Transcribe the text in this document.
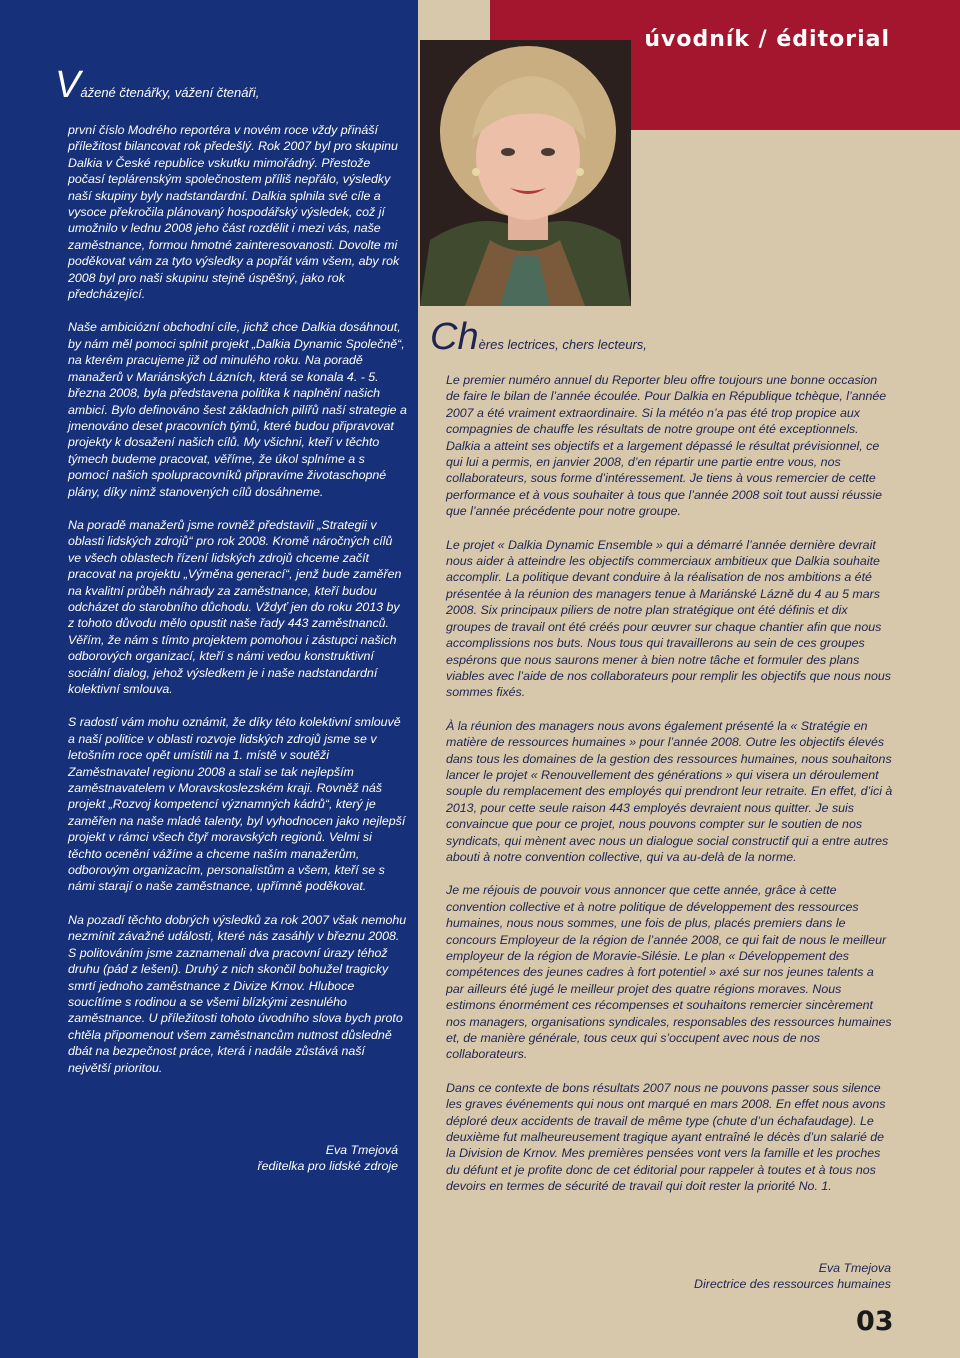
úvodník / éditorial
Vážené čtenářky, vážení čtenáři,

první číslo Modrého reportéra v novém roce vždy přináší příležitost bilancovat rok předešlý. Rok 2007 byl pro skupinu Dalkia v České republice vskutku mimořádný. Přestože počasí teplárenským společnostem příliš nepřálo, výsledky naší skupiny byly nadstandardní. Dalkia splnila své cíle a vysoce překročila plánovaný hospodářský výsledek, což jí umožnilo v lednu 2008 jeho část rozdělit i mezi vás, naše zaměstnance, formou hmotné zainteresovanosti. Dovolte mi poděkovat vám za tyto výsledky a popřát vám všem, aby rok 2008 byl pro naši skupinu stejně úspěšný, jako rok předcházející.

Naše ambiciózní obchodní cíle, jichž chce Dalkia dosáhnout, by nám měl pomoci splnit projekt „Dalkia Dynamic Společně“, na kterém pracujeme již od minulého roku. Na poradě manažerů v Mariánských Lázních, která se konala 4. - 5. března 2008, byla představena politika k naplnění našich ambicí. Bylo definováno šest základních pilířů naší strategie a jmenováno deset pracovních týmů, které budou připravovat projekty k dosažení našich cílů. My všichni, kteří v těchto týmech budeme pracovat, věříme, že úkol splníme a s pomocí našich spolupracovníků připravíme životaschopné plány, díky nimž stanovených cílů dosáhneme.

Na poradě manažerů jsme rovněž představili „Strategii v oblasti lidských zdrojů“ pro rok 2008. Kromě náročných cílů ve všech oblastech řízení lidských zdrojů chceme začít pracovat na projektu „Výměna generací“, jenž bude zaměřen na kvalitní průběh náhrady za zaměstnance, kteří budou odcházet do starobního důchodu. Vždyť jen do roku 2013 by z tohoto důvodu mělo opustit naše řady 443 zaměstnanců. Věřím, že nám s tímto projektem pomohou i zástupci našich odborových organizací, kteří s námi vedou konstruktivní sociální dialog, jehož výsledkem je i naše nadstandardní kolektivní smlouva.

S radostí vám mohu oznámit, že díky této kolektivní smlouvě a naší politice v oblasti rozvoje lidských zdrojů jsme se v letošním roce opět umístili na 1. místě v soutěži Zaměstnavatel regionu 2008 a stali se tak nejlepším zaměstnavatelem v Moravskoslezském kraji. Rovněž náš projekt „Rozvoj kompetencí významných kádrů“, který je zaměřen na naše mladé talenty, byl vyhodnocen jako nejlepší projekt v rámci všech čtyř moravských regionů. Velmi si těchto ocenění vážíme a chceme naším manažerům, odborovým organizacím, personalistům a všem, kteří se s námi starají o naše zaměstnance, upřímně poděkovat.

Na pozadí těchto dobrých výsledků za rok 2007 však nemohu nezmínit závažné události, které nás zasáhly v březnu 2008. S politováním jsme zaznamenali dva pracovní úrazy téhož druhu (pád z lešení). Druhý z nich skončil bohužel tragicky smrtí jednoho zaměstnance z Divize Krnov. Hluboce soucítíme s rodinou a se všemi blízkými zesnulého zaměstnance. U příležitosti tohoto úvodního slova bych proto chtěla připomenout všem zaměstnancům nutnost důsledně dbát na bezpečnost práce, která i nadále zůstává naší největší prioritou.

Eva Tmejová
ředitelka pro lidské zdroje
Chères lectrices, chers lecteurs,

Le premier numéro annuel du Reporter bleu offre toujours une bonne occasion de faire le bilan de l’année écoulée. Pour Dalkia en République tchèque, l’année 2007 a été vraiment extraordinaire. Si la météo n’a pas été trop propice aux compagnies de chauffe les résultats de notre groupe ont été exceptionnels. Dalkia a atteint ses objectifs et a largement dépassé le résultat prévisionnel, ce qui lui a permis, en janvier 2008, d’en répartir une partie entre vous, nos collaborateurs, sous forme d’intéressement. Je tiens à vous remercier de cette performance et à vous souhaiter à tous que l’année 2008 soit tout aussi réussie que l’année précédente pour notre groupe.

Le projet « Dalkia Dynamic Ensemble » qui a démarré l’année dernière devrait nous aider à atteindre les objectifs commerciaux ambitieux que Dalkia souhaite accomplir. La politique devant conduire à la réalisation de nos ambitions a été présentée à la réunion des managers tenue à Mariánské Lázně du 4 au 5 mars 2008. Six principaux piliers de notre plan stratégique ont été définis et dix groupes de travail ont été créés pour œuvrer sur chaque chantier afin que nous accomplissions nos buts. Nous tous qui travaillerons au sein de ces groupes espérons que nous saurons mener à bien notre tâche et formuler des plans viables avec l’aide de nos collaborateurs pour remplir les objectifs que nous nous sommes fixés.

À la réunion des managers nous avons également présenté la « Stratégie en matière de ressources humaines » pour l’année 2008. Outre les objectifs élevés dans tous les domaines de la gestion des ressources humaines, nous souhaitons lancer le projet « Renouvellement des générations » qui visera un déroulement souple du remplacement des employés qui prendront leur retraite. En effet, d’ici à 2013, pour cette seule raison 443 employés devraient nous quitter. Je suis convaincue que pour ce projet, nous pouvons compter sur le soutien de nos syndicats, qui mènent avec nous un dialogue social constructif qui a entre autres abouti à notre convention collective, qui va au-delà de la norme.

Je me réjouis de pouvoir vous annoncer que cette année, grâce à cette convention collective et à notre politique de développement des ressources humaines, nous nous sommes, une fois de plus, placés premiers dans le concours Employeur de la région de l’année 2008, ce qui fait de nous le meilleur employeur de la région de Moravie-Silésie. Le plan « Développement des compétences des jeunes cadres à fort potentiel » axé sur nos jeunes talents a par ailleurs été jugé le meilleur projet des quatre régions moraves. Nous estimons énormément ces récompenses et souhaitons remercier sincèrement nos managers, organisations syndicales, responsables des ressources humaines et, de manière générale, tous ceux qui s’occupent avec nous de nos collaborateurs.

Dans ce contexte de bons résultats 2007 nous ne pouvons passer sous silence les graves événements qui nous ont marqué en mars 2008. En effet nous avons déploré deux accidents de travail de même type (chute d’un échafaudage). Le deuxième fut malheureusement tragique ayant entraîné le décès d’un salarié de la Division de Krnov. Mes premières pensées vont vers la famille et les proches du défunt et je profite donc de cet éditorial pour rappeler à toutes et à tous nos devoirs en termes de sécurité de travail qui doit rester la priorité No. 1.

Eva Tmejova
Directrice des ressources humaines
03
